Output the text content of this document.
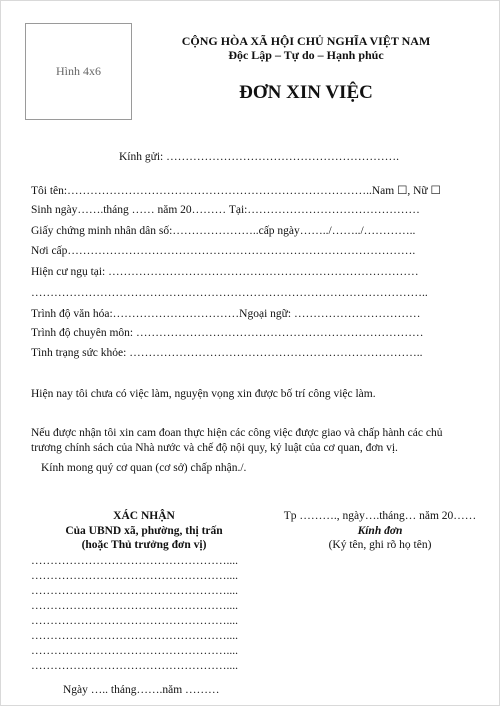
Hình 4x6
CỘNG HÒA XÃ HỘI CHỦ NGHĨA VIỆT NAM
Độc Lập – Tự do – Hạnh phúc
ĐƠN XIN VIỆC
Kính gửi: …………………………………………………….
Tôi tên:……………………………………………………………………..Nam ☐, Nữ ☐
Sinh ngày…….tháng …… năm 20……… Tại:………………………………………
Giấy chứng minh nhân dân số:…………………..cấp ngày……../……../…………..
Nơi cấp……………………………………………………………………………….
Hiện cư ngụ tại: ………………………………………………………………………
…………………………………………………………………………………………..
Trình độ văn hóa:……………………………Ngoại ngữ: ……………………………
Trình độ chuyên môn: …………………………………………………………………
Tình trạng sức khỏe: …………………………………………………………………..
Hiện nay tôi chưa có việc làm, nguyện vọng xin được bố trí công việc làm.
Nếu được nhận tôi xin cam đoan thực hiện các công việc được giao và chấp hành các chủ
trương chính sách của Nhà nước và chế độ nội quy, kỷ luật của cơ quan, đơn vị.
Kính mong quý cơ quan (cơ sở) chấp nhận./.
XÁC NHẬN
Của UBND xã, phường, thị trấn
(hoặc Thủ trưởng đơn vị)
……………………………………………....
……………………………………………....
……………………………………………....
……………………………………………....
……………………………………………....
……………………………………………....
……………………………………………....
……………………………………………....
Ngày ….. tháng…….năm ………
Tp ………., ngày….tháng… năm 20……
Kính đơn
(Ký tên, ghi rõ họ tên)
